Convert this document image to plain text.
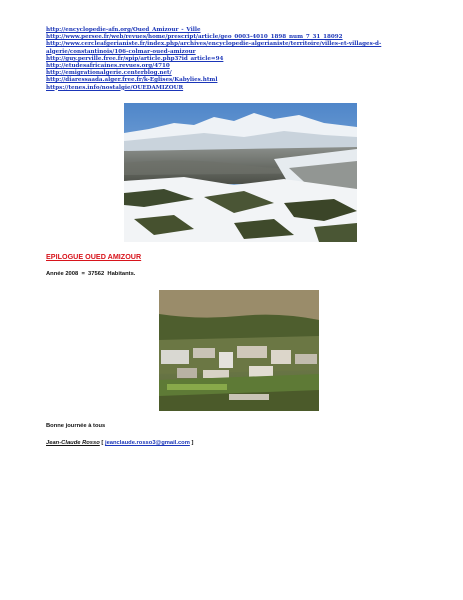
http://encyclopedie-afn.org/Oued_Amizour_-_Ville
http://www.persee.fr/web/revues/home/prescript/article/geo_0003-4010_1898_num_7_31_18092
http://www.cercleafgerianiste.fr/index.php/archives/encyclopedie-algerianiste/territoire/villes-et-villages-d-algerie/constantinois/106-colmar-oued-amizour
http://guy.perville.free.fr/spip/article.php3?id_article=94
http://etudesafricaines.revues.org/4710
http://emigrationalgerie.centerblog.net/
http://diaressaada.alger.free.fr/k-Eglises/Kabylies.html
https://tenes.info/nostalgie/OUEDAMIZOUR
EPILOGUE OUED AMIZOUR
Année 2008  =  37562  Habitants.
Bonne journée à tous
Jean-Claude Rosso [ jeanclaude.rosso3@gmail.com ]
